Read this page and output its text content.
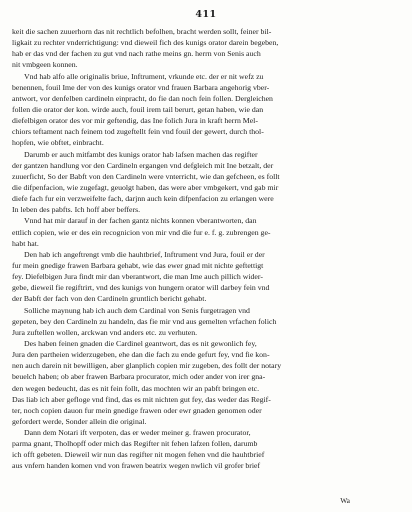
411
keit die sachen zuuerhorn das nit rechtlich befolhen, bracht werden sollt, feiner bil-
ligkait zu rechter vnderrichtigung: vnd dieweil fich des kunigs orator darein begeben,
hab er das vnd der fachen zu gut vnd nach rathe meins gn. herrn von Senis auch
nit vmbgeen konnen.
Vnd hab alfo alle originalis briue, Inftrument, vrkunde etc. der er nit wefz zu
benennen, fouil Ime der von des kunigs orator vnd frauen Barbara angehorig vber-
antwort, vor denfelben cardineln einpracht, do fie dan noch fein follen. Dergleichen
follen die orator der kon. wirde auch, fouil irem tail berurt, getan haben, wie dan
diefelbigen orator des vor mir geftendig, das Ine folich Jura in kraft herrn Mel-
chiors teftament nach feinem tod zugeftellt fein vnd fouil der gewert, durch thol-
hopfen, wie obftet, einbracht.
Darumb er auch mitfambt des kunigs orator hab lafsen machen das regifter
der gantzen handlung vor den Cardineln ergangen vnd defgleich mit Ine betzalt, der
zuuerficht, So der Babft von den Cardineln were vnterricht, wie dan gefcheen, es follt
die difpenfacion, wie zugefagt, geuolgt haben, das were aber vmbgekert, vnd gab mir
diefe fach fur ein verzweifelte fach, darjnn auch kein difpenfacion zu erlangen were
In leben des pabfts. Ich hoff aber beffers.
Vnnd hat mir darauf in der fachen gantz nichts konnen vberantworten, dan
ettlich copien, wie er des ein recognicion von mir vnd die fur e. f. g. zubrengen ge-
habt hat.
Den hab ich angeftrengt vmb die hauhtbrief, Inftrument vnd Jura, fouil er der
fur mein gnedige frawen Barbara gehabt, wie das ewer gnad mit nichte geftettigt
fey. Diefelbigen Jura findt mir dan vberantwort, die man Ime auch pillich wider-
gebe, dieweil fie regiftrirt, vnd des kunigs von hungern orator will darbey fein vnd
der Babft der fach von den Cardineln gruntlich bericht gehabt.
Solliche maynung hab ich auch dem Cardinal von Senis furgetragen vnd
gepeten, bey den Cardineln zu handeln, das fie mir vnd aus gemelten vrfachen folich
Jura zuftellen wollen, arckwan vnd anders etc. zu verhuten.
Des haben feinen gnaden die Cardinel geantwort, das es nit gewonlich fey,
Jura den partheien widerzugeben, ehe dan die fach zu ende gefurt fey, vnd fie kon-
nen auch darein nit bewilligen, aber glanplich copien mir zugeben, des follt der notary
beuelch haben; ob aber frawen Barbara procurator, mich oder ander von irer gna-
den wegen bedeucht, das es nit fein follt, das mochten wir an pabft bringen etc.
Das liab ich aber gefloge vnd find, das es mit nichten gut fey, das weder das Regif-
ter, noch copien dauon fur mein gnedige frawen oder ewr gnaden genomen oder
gefordert werde, Sonder allein die original.
Dann dem Notari ift verpoten, das er weder meiner g. frawen procurator,
parma gnant, Tholhopff oder mich das Regifter nit fehen lafzen follen, darumb
ich offt gebeten. Dieweil wir nun das regifter nit mogen fehen vnd die hauhtbrief
aus vnfern handen komen vnd von frawen beatrix wegen nwlich vil grofer brief
Wa
